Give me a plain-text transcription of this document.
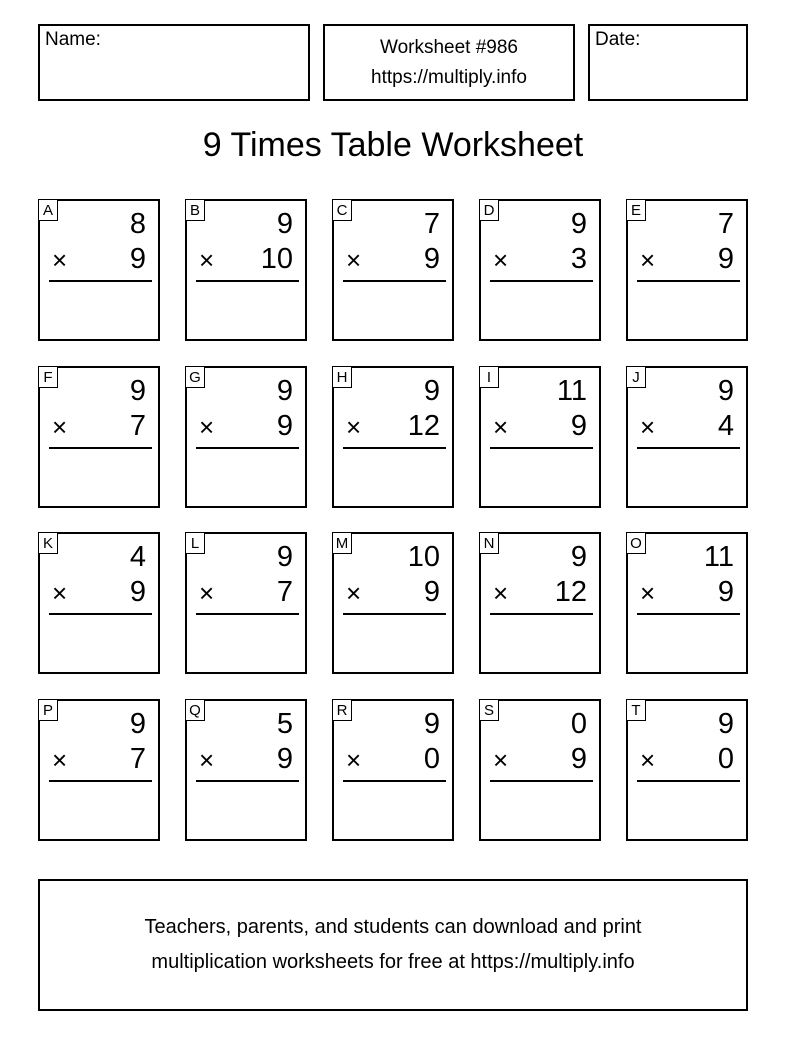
Name:	Worksheet #986
https://multiply.info
Date:
9 Times Table Worksheet
A	8
× 9
B	9
× 10
C	7
× 9
D	9
× 3
E	7
× 9
F	9
× 7
G	9
× 9
H	9
× 12
I 11
× 9
J	9
× 4
K	4
× 9
L	9
× 7
M 10
× 9
N	9
× 12
O 11
× 9
P	9
× 7
Q	5
× 9
R	9
× 0
S	0
× 9
T	9
× 0
Teachers, parents, and students can download and print
multiplication worksheets for free at https://multiply.info
